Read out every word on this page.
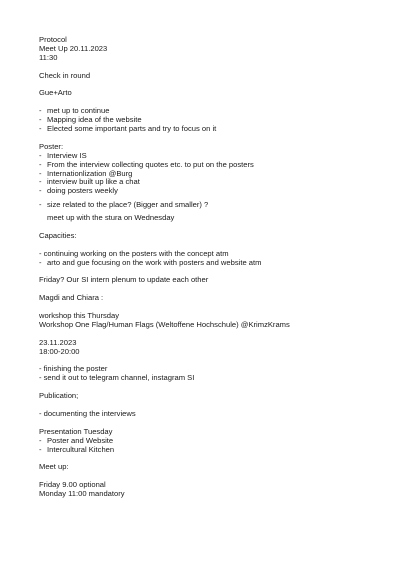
Protocol
Meet Up 20.11.2023
11:30
Check in round
Gue+Arto
- met up to continue
- Mapping idea of the website
- Elected some important parts and try to focus on it
Poster:
- Interview IS
- From the interview collecting quotes etc. to put on the posters
- Internationlization @Burg
- interview built up like a chat
- doing posters weekly
- size related to the place? (Bigger and smaller) ?
meet up with the stura on Wednesday
Capacities:
- continuing working on the posters with the concept atm
- arto and gue focusing on the work with posters and website atm
Friday? Our SI intern plenum to update each other
Magdi and Chiara :
workshop this Thursday
Workshop One Flag/Human Flags (Weltoffene Hochschule) @KrimzKrams
23.11.2023
18:00-20:00
- finishing the poster
- send it out to telegram channel, instagram SI
Publication;
- documenting the interviews
Presentation Tuesday
- Poster and Website
- Intercultural Kitchen
Meet up:
Friday 9.00 optional
Monday 11:00 mandatory
